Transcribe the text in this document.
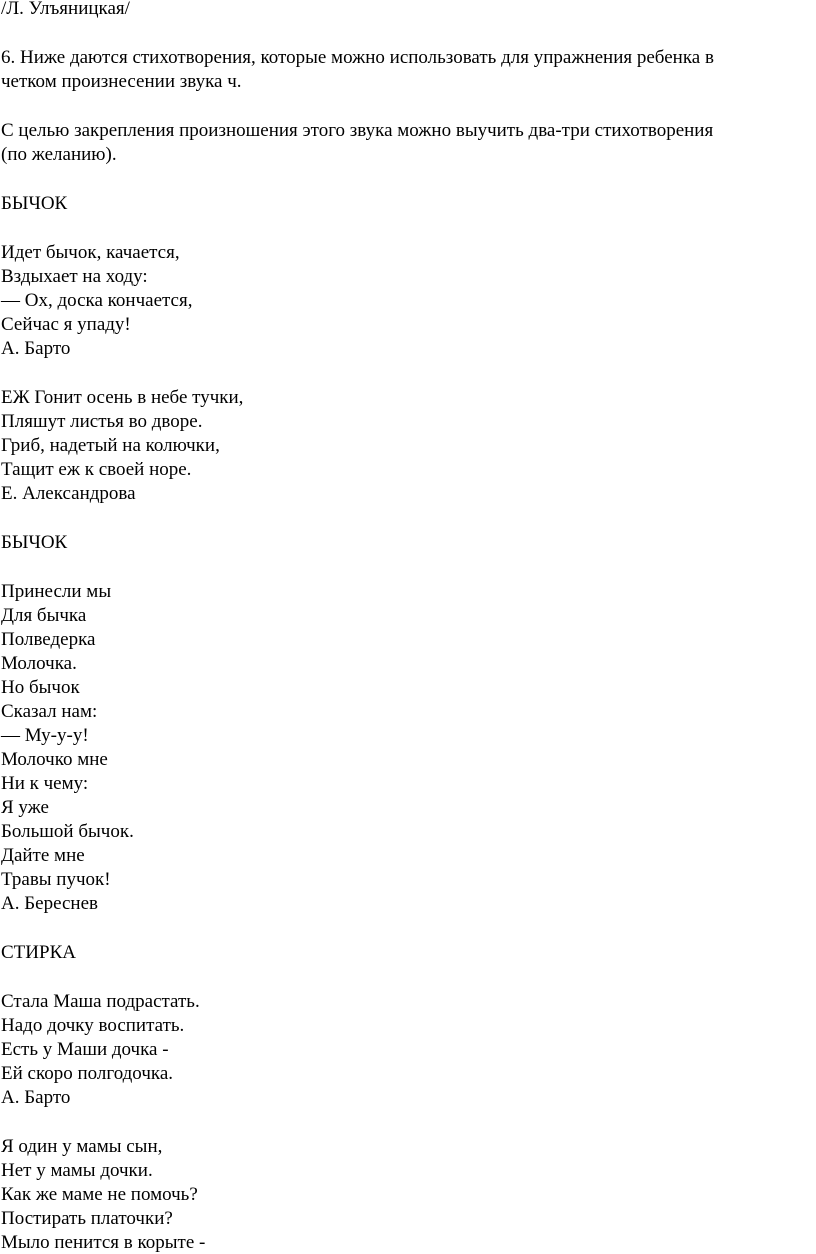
/Л. Улъяницкая/
6. Ниже даются стихотворения, которые можно использовать для упражнения ребенка в
четком произнесении звука ч.
С целью закрепления произношения этого звука можно выучить два-три стихотворения
(по желанию).
БЫЧОК
Идет бычок, качается,
Вздыхает на ходу:
— Ох, доска кончается,
Сейчас я упаду!
А. Барто
ЕЖ Гонит осень в небе тучки,
Пляшут листья во дворе.
Гриб, надетый на колючки,
Тащит еж к своей норе.
Е. Александрова
БЫЧОК
Принесли мы
Для бычка
Полведерка
Молочка.
Но бычок
Сказал нам:
— Му-у-у!
Молочко мне
Ни к чему:
Я уже
Большой бычок.
Дайте мне
Травы пучок!
А. Береснев
СТИРКА
Стала Маша подрастать.
Надо дочку воспитать.
Есть у Маши дочка -
Ей скоро полгодочка.
А. Барто
Я один у мамы сын,
Нет у мамы дочки.
Как же маме не помочь?
Постирать платочки?
Мыло пенится в корыте -
